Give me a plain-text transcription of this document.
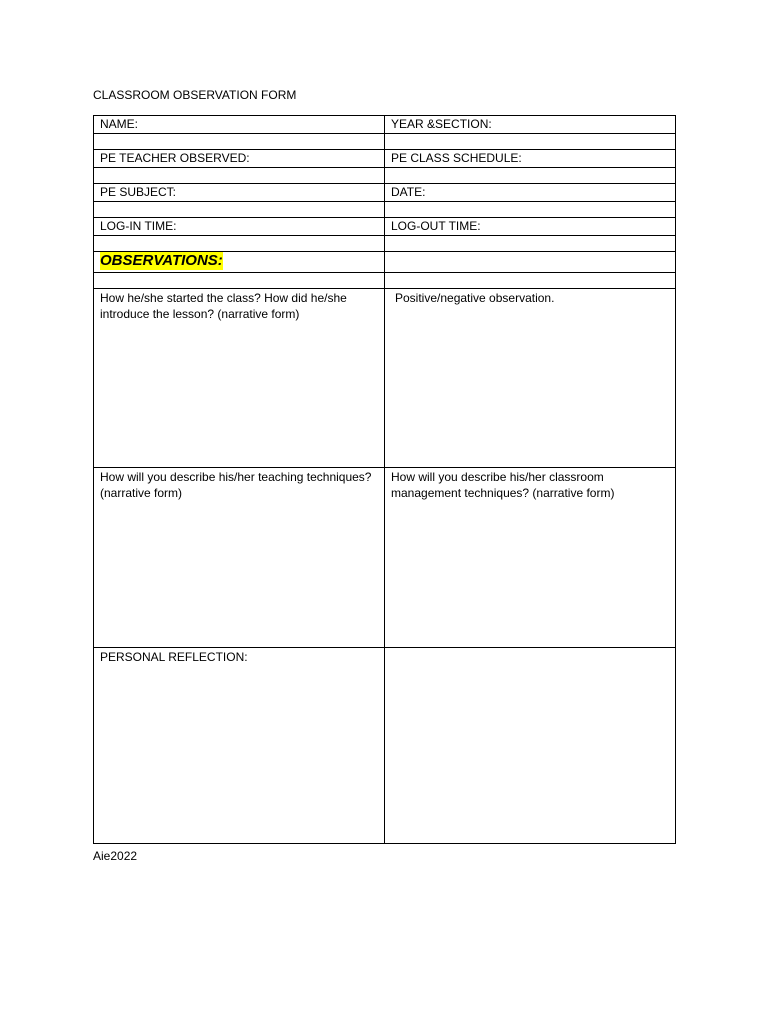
CLASSROOM OBSERVATION FORM
NAME:	YEAR &SECTION:

PE TEACHER OBSERVED:	PE CLASS SCHEDULE:

PE SUBJECT:	DATE:

LOG-IN TIME:	LOG-OUT TIME:

OBSERVATIONS:	

How he/she started the class? How did he/she introduce the lesson? (narrative form)	Positive/negative observation.

How will you describe his/her teaching techniques? (narrative form)	How will you describe his/her classroom management techniques? (narrative form)

PERSONAL REFLECTION:	

Aie2022
